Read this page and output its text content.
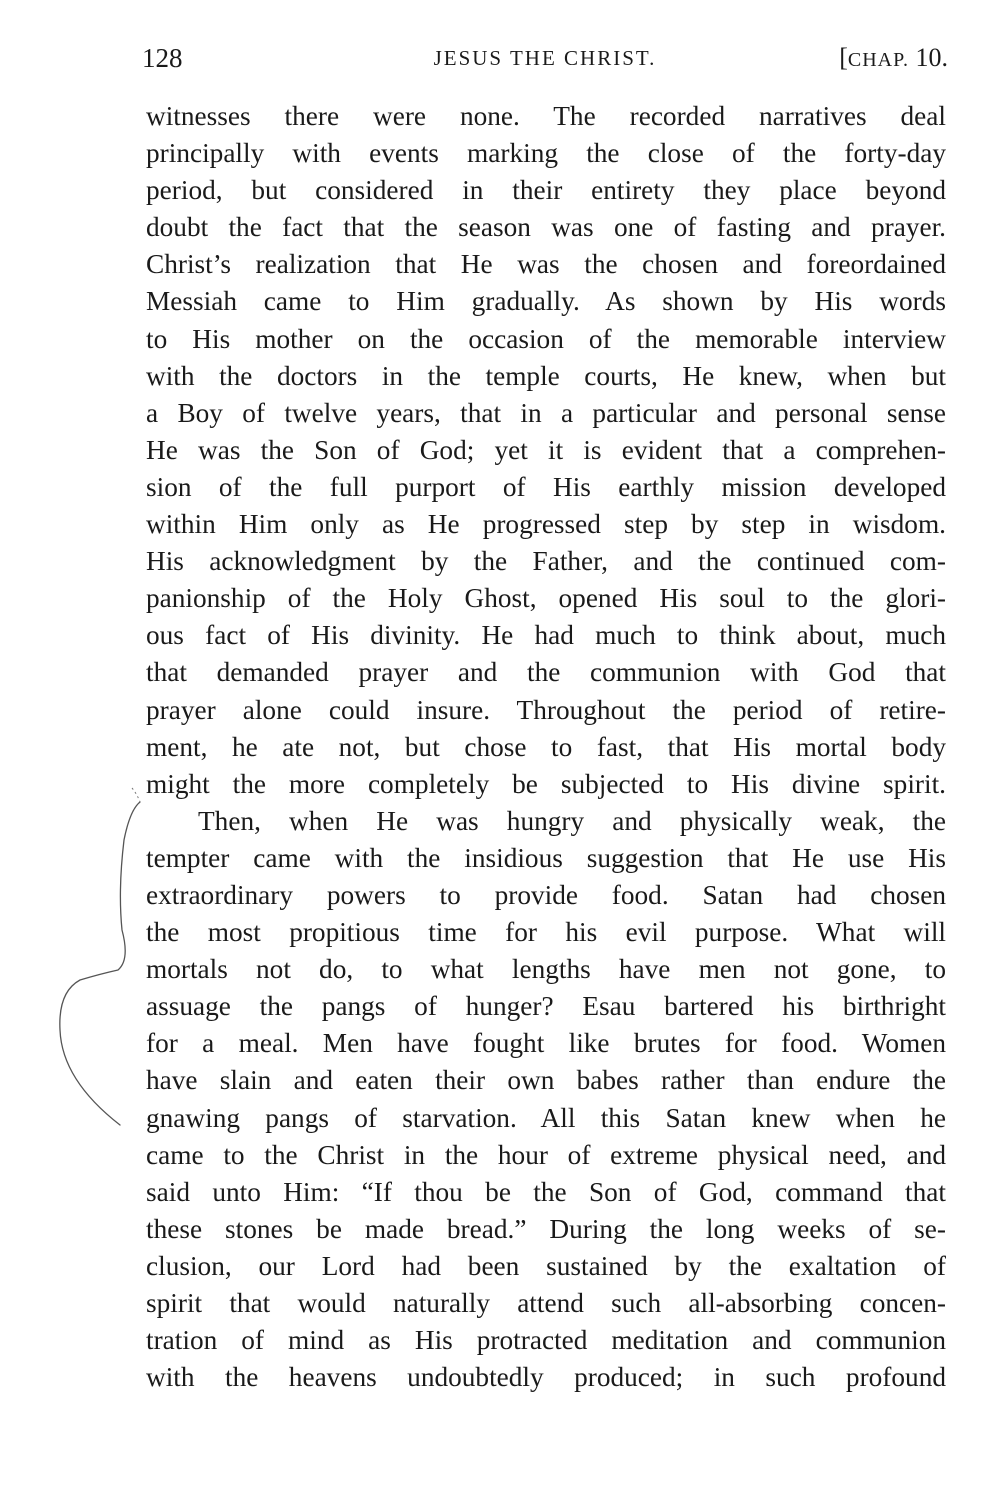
128	JESUS THE CHRIST.	[CHAP. 10.
witnesses there were none. The recorded narratives deal
principally with events marking the close of the forty-day
period, but considered in their entirety they place beyond
doubt the fact that the season was one of fasting and prayer.
Christ’s realization that He was the chosen and foreordained
Messiah came to Him gradually. As shown by His words
to His mother on the occasion of the memorable interview
with the doctors in the temple courts, He knew, when but
a Boy of twelve years, that in a particular and personal sense
He was the Son of God; yet it is evident that a comprehen-
sion of the full purport of His earthly mission developed
within Him only as He progressed step by step in wisdom.
His acknowledgment by the Father, and the continued com-
panionship of the Holy Ghost, opened His soul to the glori-
ous fact of His divinity. He had much to think about, much
that demanded prayer and the communion with God that
prayer alone could insure. Throughout the period of retire-
ment, he ate not, but chose to fast, that His mortal body
might the more completely be subjected to His divine spirit.
Then, when He was hungry and physically weak, the
tempter came with the insidious suggestion that He use His
extraordinary powers to provide food. Satan had chosen
the most propitious time for his evil purpose. What will
mortals not do, to what lengths have men not gone, to
assuage the pangs of hunger? Esau bartered his birthright
for a meal. Men have fought like brutes for food. Women
have slain and eaten their own babes rather than endure the
gnawing pangs of starvation. All this Satan knew when he
came to the Christ in the hour of extreme physical need, and
said unto Him: “If thou be the Son of God, command that
these stones be made bread.” During the long weeks of se-
clusion, our Lord had been sustained by the exaltation of
spirit that would naturally attend such all-absorbing concen-
tration of mind as His protracted meditation and communion
with the heavens undoubtedly produced; in such profound
